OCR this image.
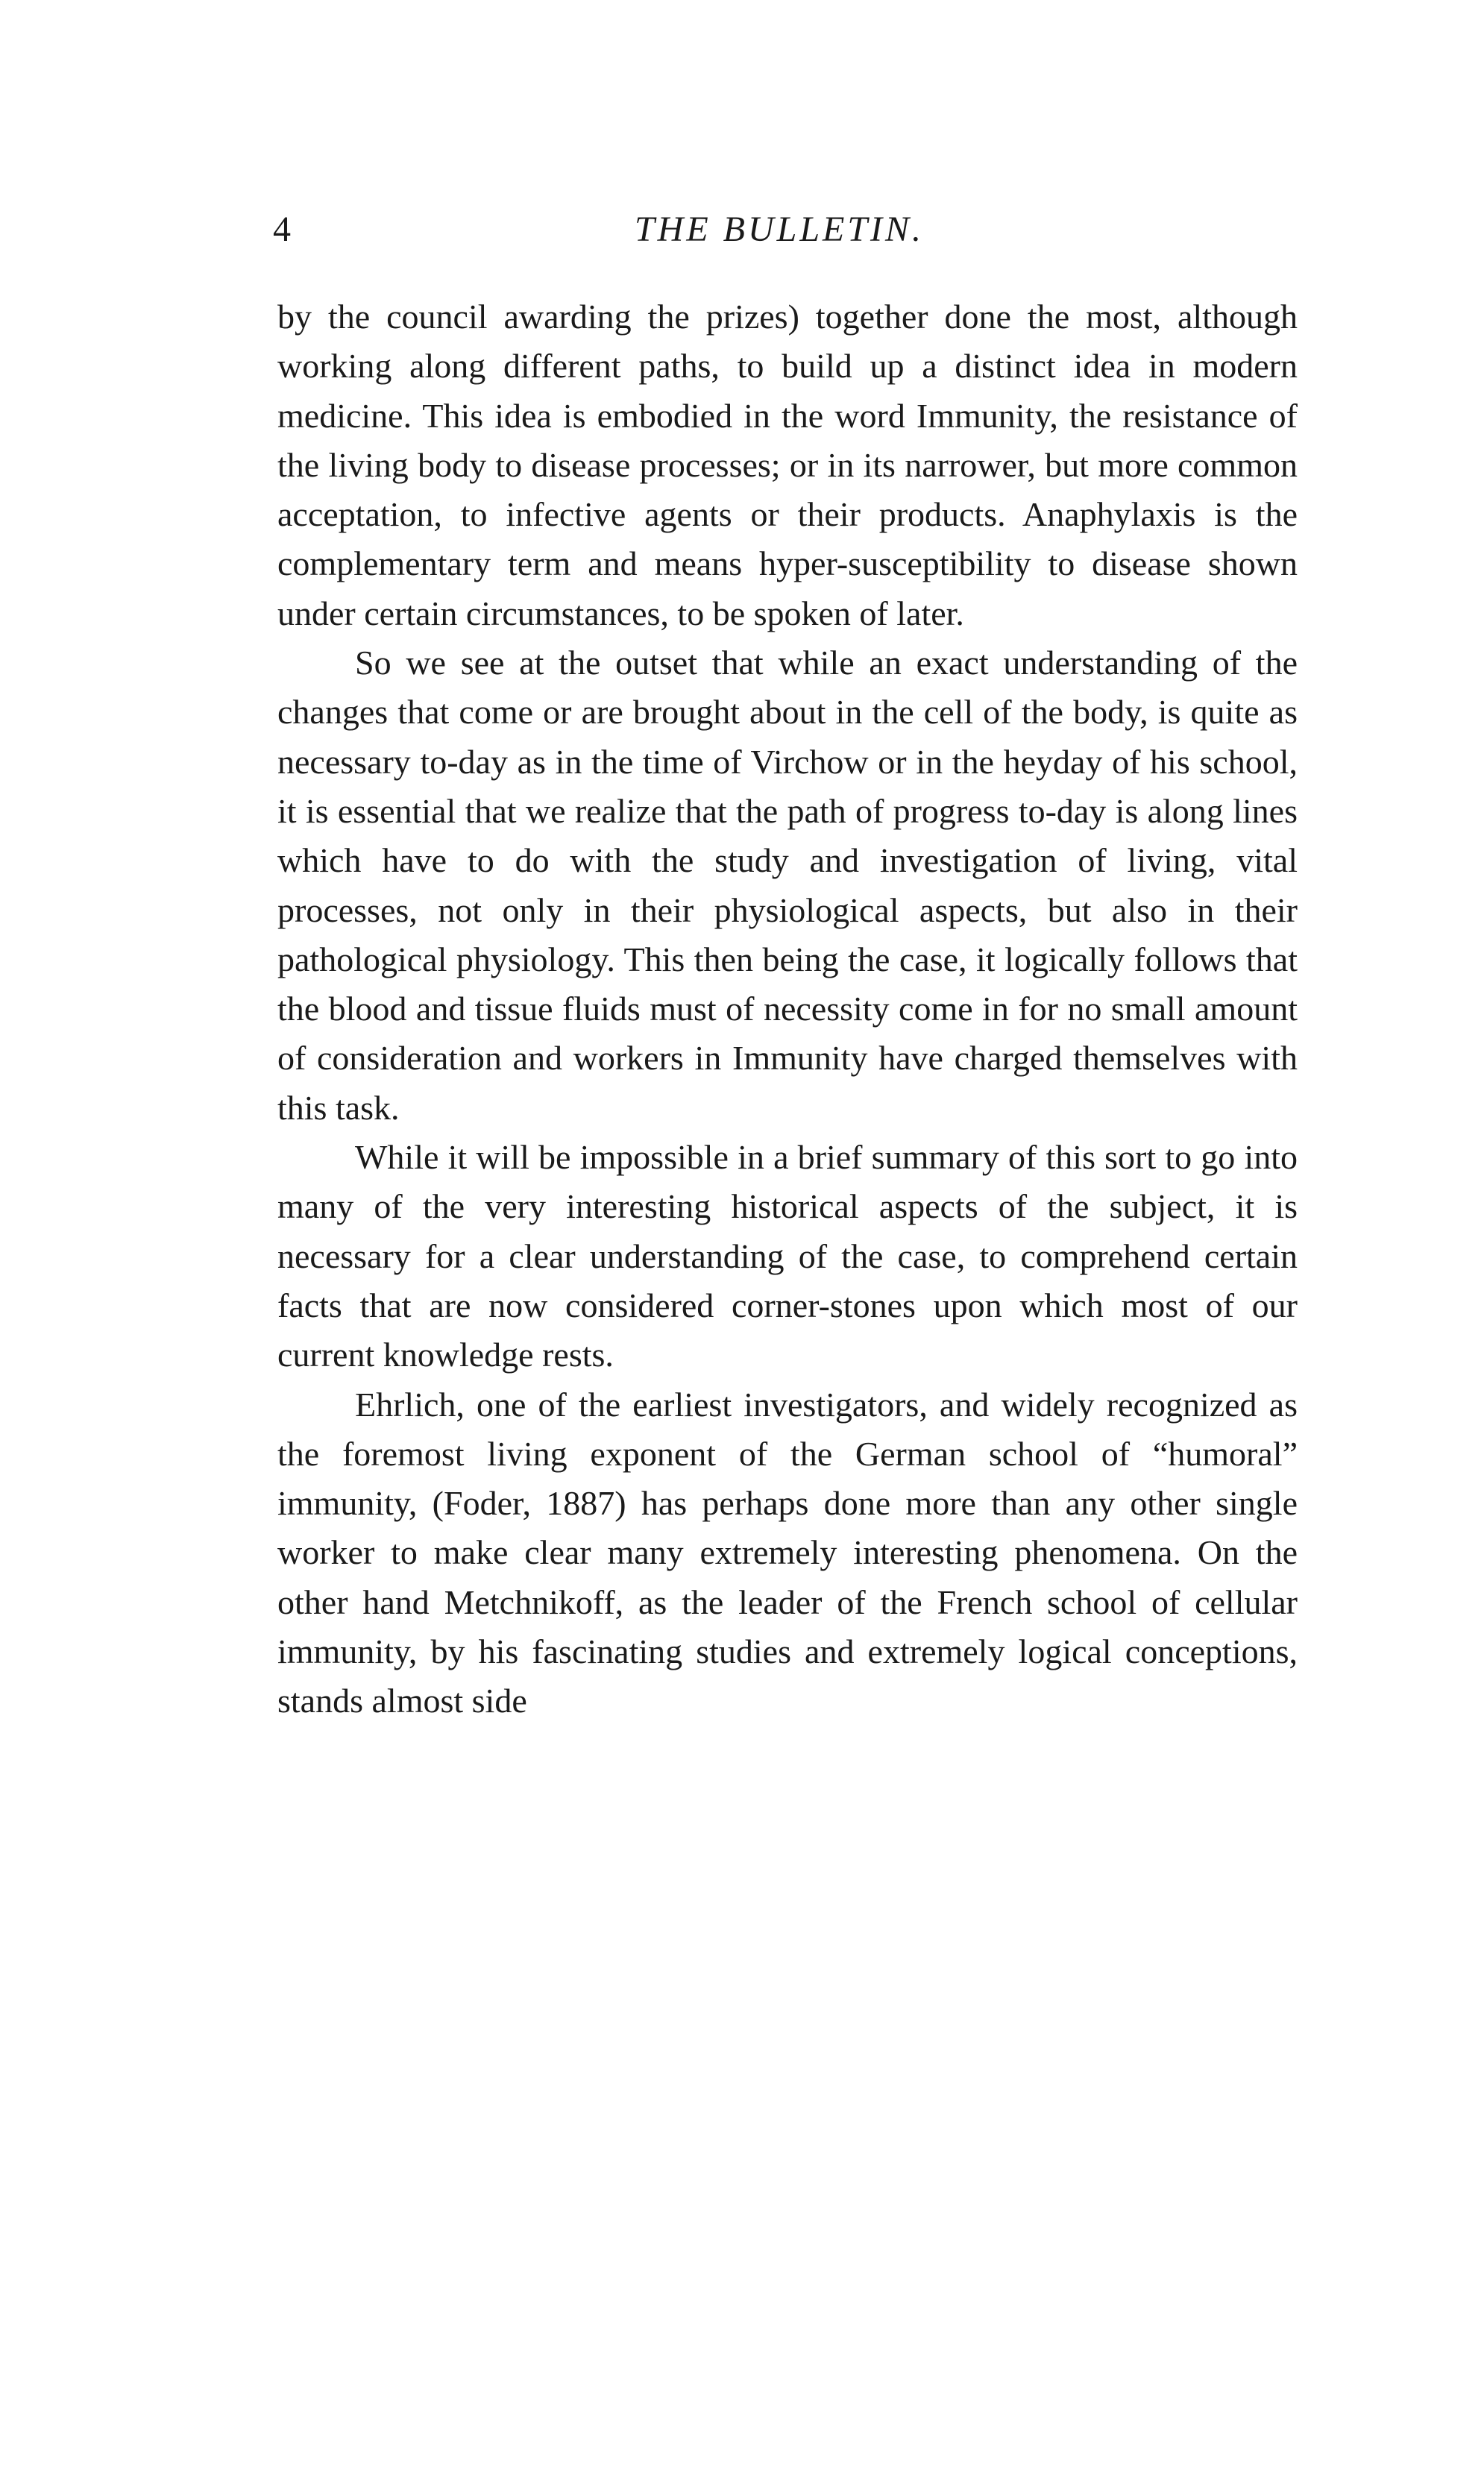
4	THE BULLETIN.

by the council awarding the prizes) together done the most, although working along different paths, to build up a distinct idea in modern medicine. This idea is embodied in the word Immunity, the resistance of the living body to disease processes; or in its narrower, but more common acceptation, to infective agents or their products. Anaphylaxis is the complementary term and means hyper-susceptibility to disease shown under certain circumstances, to be spoken of later.

So we see at the outset that while an exact understanding of the changes that come or are brought about in the cell of the body, is quite as necessary to-day as in the time of Virchow or in the heyday of his school, it is essential that we realize that the path of progress to-day is along lines which have to do with the study and investigation of living, vital processes, not only in their physiological aspects, but also in their pathological physiology. This then being the case, it logically follows that the blood and tissue fluids must of necessity come in for no small amount of consideration and workers in Immunity have charged themselves with this task.

While it will be impossible in a brief summary of this sort to go into many of the very interesting historical aspects of the subject, it is necessary for a clear understanding of the case, to comprehend certain facts that are now considered corner-stones upon which most of our current knowledge rests.

Ehrlich, one of the earliest investigators, and widely recognized as the foremost living exponent of the German school of “humoral” immunity, (Foder, 1887) has perhaps done more than any other single worker to make clear many extremely interesting phenomena. On the other hand Metchnikoff, as the leader of the French school of cellular immunity, by his fascinating studies and extremely logical conceptions, stands almost side
